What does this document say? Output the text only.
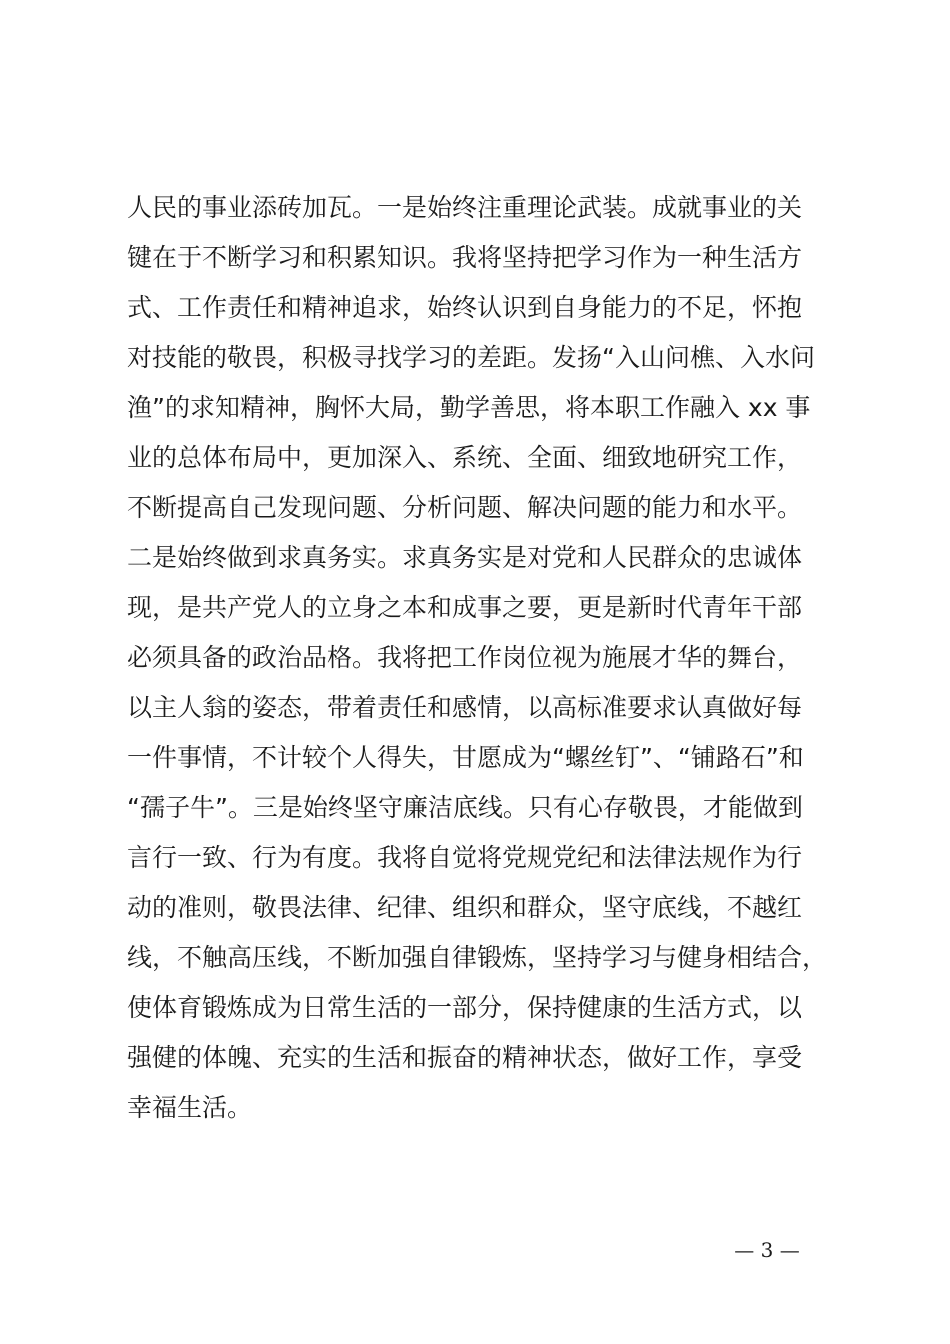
人民的事业添砖加瓦。一是始终注重理论武装。成就事业的关
键在于不断学习和积累知识。我将坚持把学习作为一种生活方
式、工作责任和精神追求，始终认识到自身能力的不足，怀抱
对技能的敬畏，积极寻找学习的差距。发扬“入山问樵、入水问
渔”的求知精神，胸怀大局，勤学善思，将本职工作融入 xx 事
业的总体布局中，更加深入、系统、全面、细致地研究工作，
不断提高自己发现问题、分析问题、解决问题的能力和水平。
二是始终做到求真务实。求真务实是对党和人民群众的忠诚体
现，是共产党人的立身之本和成事之要，更是新时代青年干部
必须具备的政治品格。我将把工作岗位视为施展才华的舞台，
以主人翁的姿态，带着责任和感情，以高标准要求认真做好每
一件事情，不计较个人得失，甘愿成为“螺丝钉”、“铺路石”和
“孺子牛”。三是始终坚守廉洁底线。只有心存敬畏，才能做到
言行一致、行为有度。我将自觉将党规党纪和法律法规作为行
动的准则，敬畏法律、纪律、组织和群众，坚守底线，不越红
线，不触高压线，不断加强自律锻炼，坚持学习与健身相结合，
使体育锻炼成为日常生活的一部分，保持健康的生活方式，以
强健的体魄、充实的生活和振奋的精神状态，做好工作，享受
幸福生活。
— 3 —
